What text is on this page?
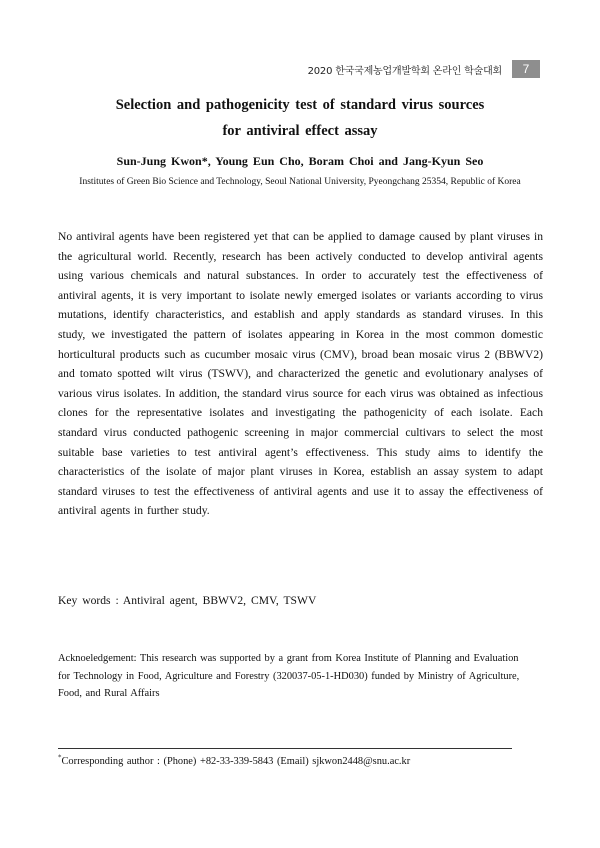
2020 한국국제농업개발학회 온라인 학술대회	7
Selection and pathogenicity test of standard virus sources
for antiviral effect assay
Sun-Jung Kwon*, Young Eun Cho, Boram Choi and Jang-Kyun Seo
Institutes of Green Bio Science and Technology, Seoul National University, Pyeongchang 25354, Republic of Korea

No antiviral agents have been registered yet that can be applied to damage caused by plant viruses in the agricultural world. Recently, research has been actively conducted to develop antiviral agents using various chemicals and natural substances. In order to accurately test the effectiveness of antiviral agents, it is very important to isolate newly emerged isolates or variants according to virus mutations, identify characteristics, and establish and apply standards as standard viruses. In this study, we investigated the pattern of isolates appearing in Korea in the most common domestic horticultural products such as cucumber mosaic virus (CMV), broad bean mosaic virus 2 (BBWV2) and tomato spotted wilt virus (TSWV), and characterized the genetic and evolutionary analyses of various virus isolates. In addition, the standard virus source for each virus was obtained as infectious clones for the representative isolates and investigating the pathogenicity of each isolate. Each standard virus conducted pathogenic screening in major commercial cultivars to select the most suitable base varieties to test antiviral agent’s effectiveness. This study aims to identify the characteristics of the isolate of major plant viruses in Korea, establish an assay system to adapt standard viruses to test the effectiveness of antiviral agents and use it to assay the effectiveness of antiviral agents in further study.

Key words : Antiviral agent, BBWV2, CMV, TSWV

Acknoeledgement: This research was supported by a grant from Korea Institute of Planning and Evaluation for Technology in Food, Agriculture and Forestry (320037-05-1-HD030) funded by Ministry of Agriculture, Food, and Rural Affairs

*Corresponding author : (Phone) +82-33-339-5843 (Email) sjkwon2448@snu.ac.kr
